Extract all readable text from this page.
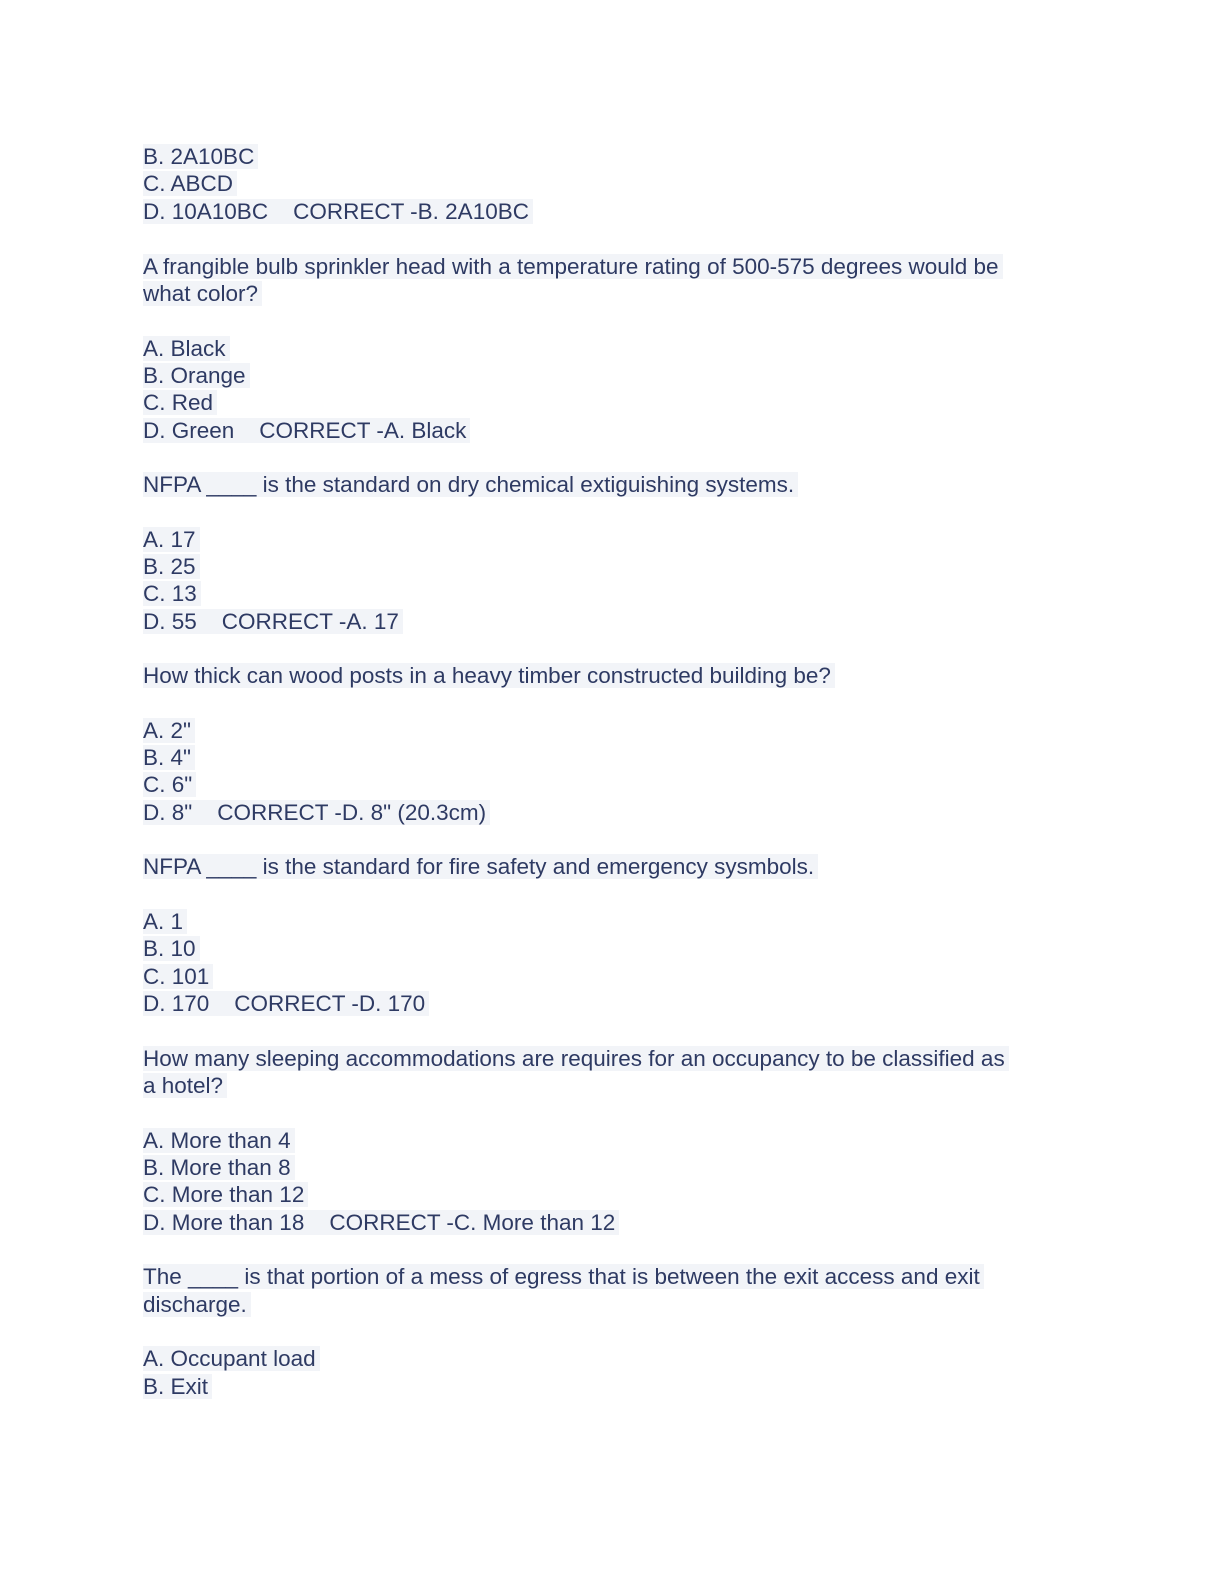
B. 2A10BC
C. ABCD
D. 10A10BC    CORRECT -B. 2A10BC
A frangible bulb sprinkler head with a temperature rating of 500-575 degrees would be
what color?
A. Black
B. Orange
C. Red
D. Green    CORRECT -A. Black
NFPA ____ is the standard on dry chemical extiguishing systems.
A. 17
B. 25
C. 13
D. 55    CORRECT -A. 17
How thick can wood posts in a heavy timber constructed building be?
A. 2"
B. 4"
C. 6"
D. 8"    CORRECT -D. 8" (20.3cm)
NFPA ____ is the standard for fire safety and emergency sysmbols.
A. 1
B. 10
C. 101
D. 170    CORRECT -D. 170
How many sleeping accommodations are requires for an occupancy to be classified as
a hotel?
A. More than 4
B. More than 8
C. More than 12
D. More than 18    CORRECT -C. More than 12
The ____ is that portion of a mess of egress that is between the exit access and exit
discharge.
A. Occupant load
B. Exit
